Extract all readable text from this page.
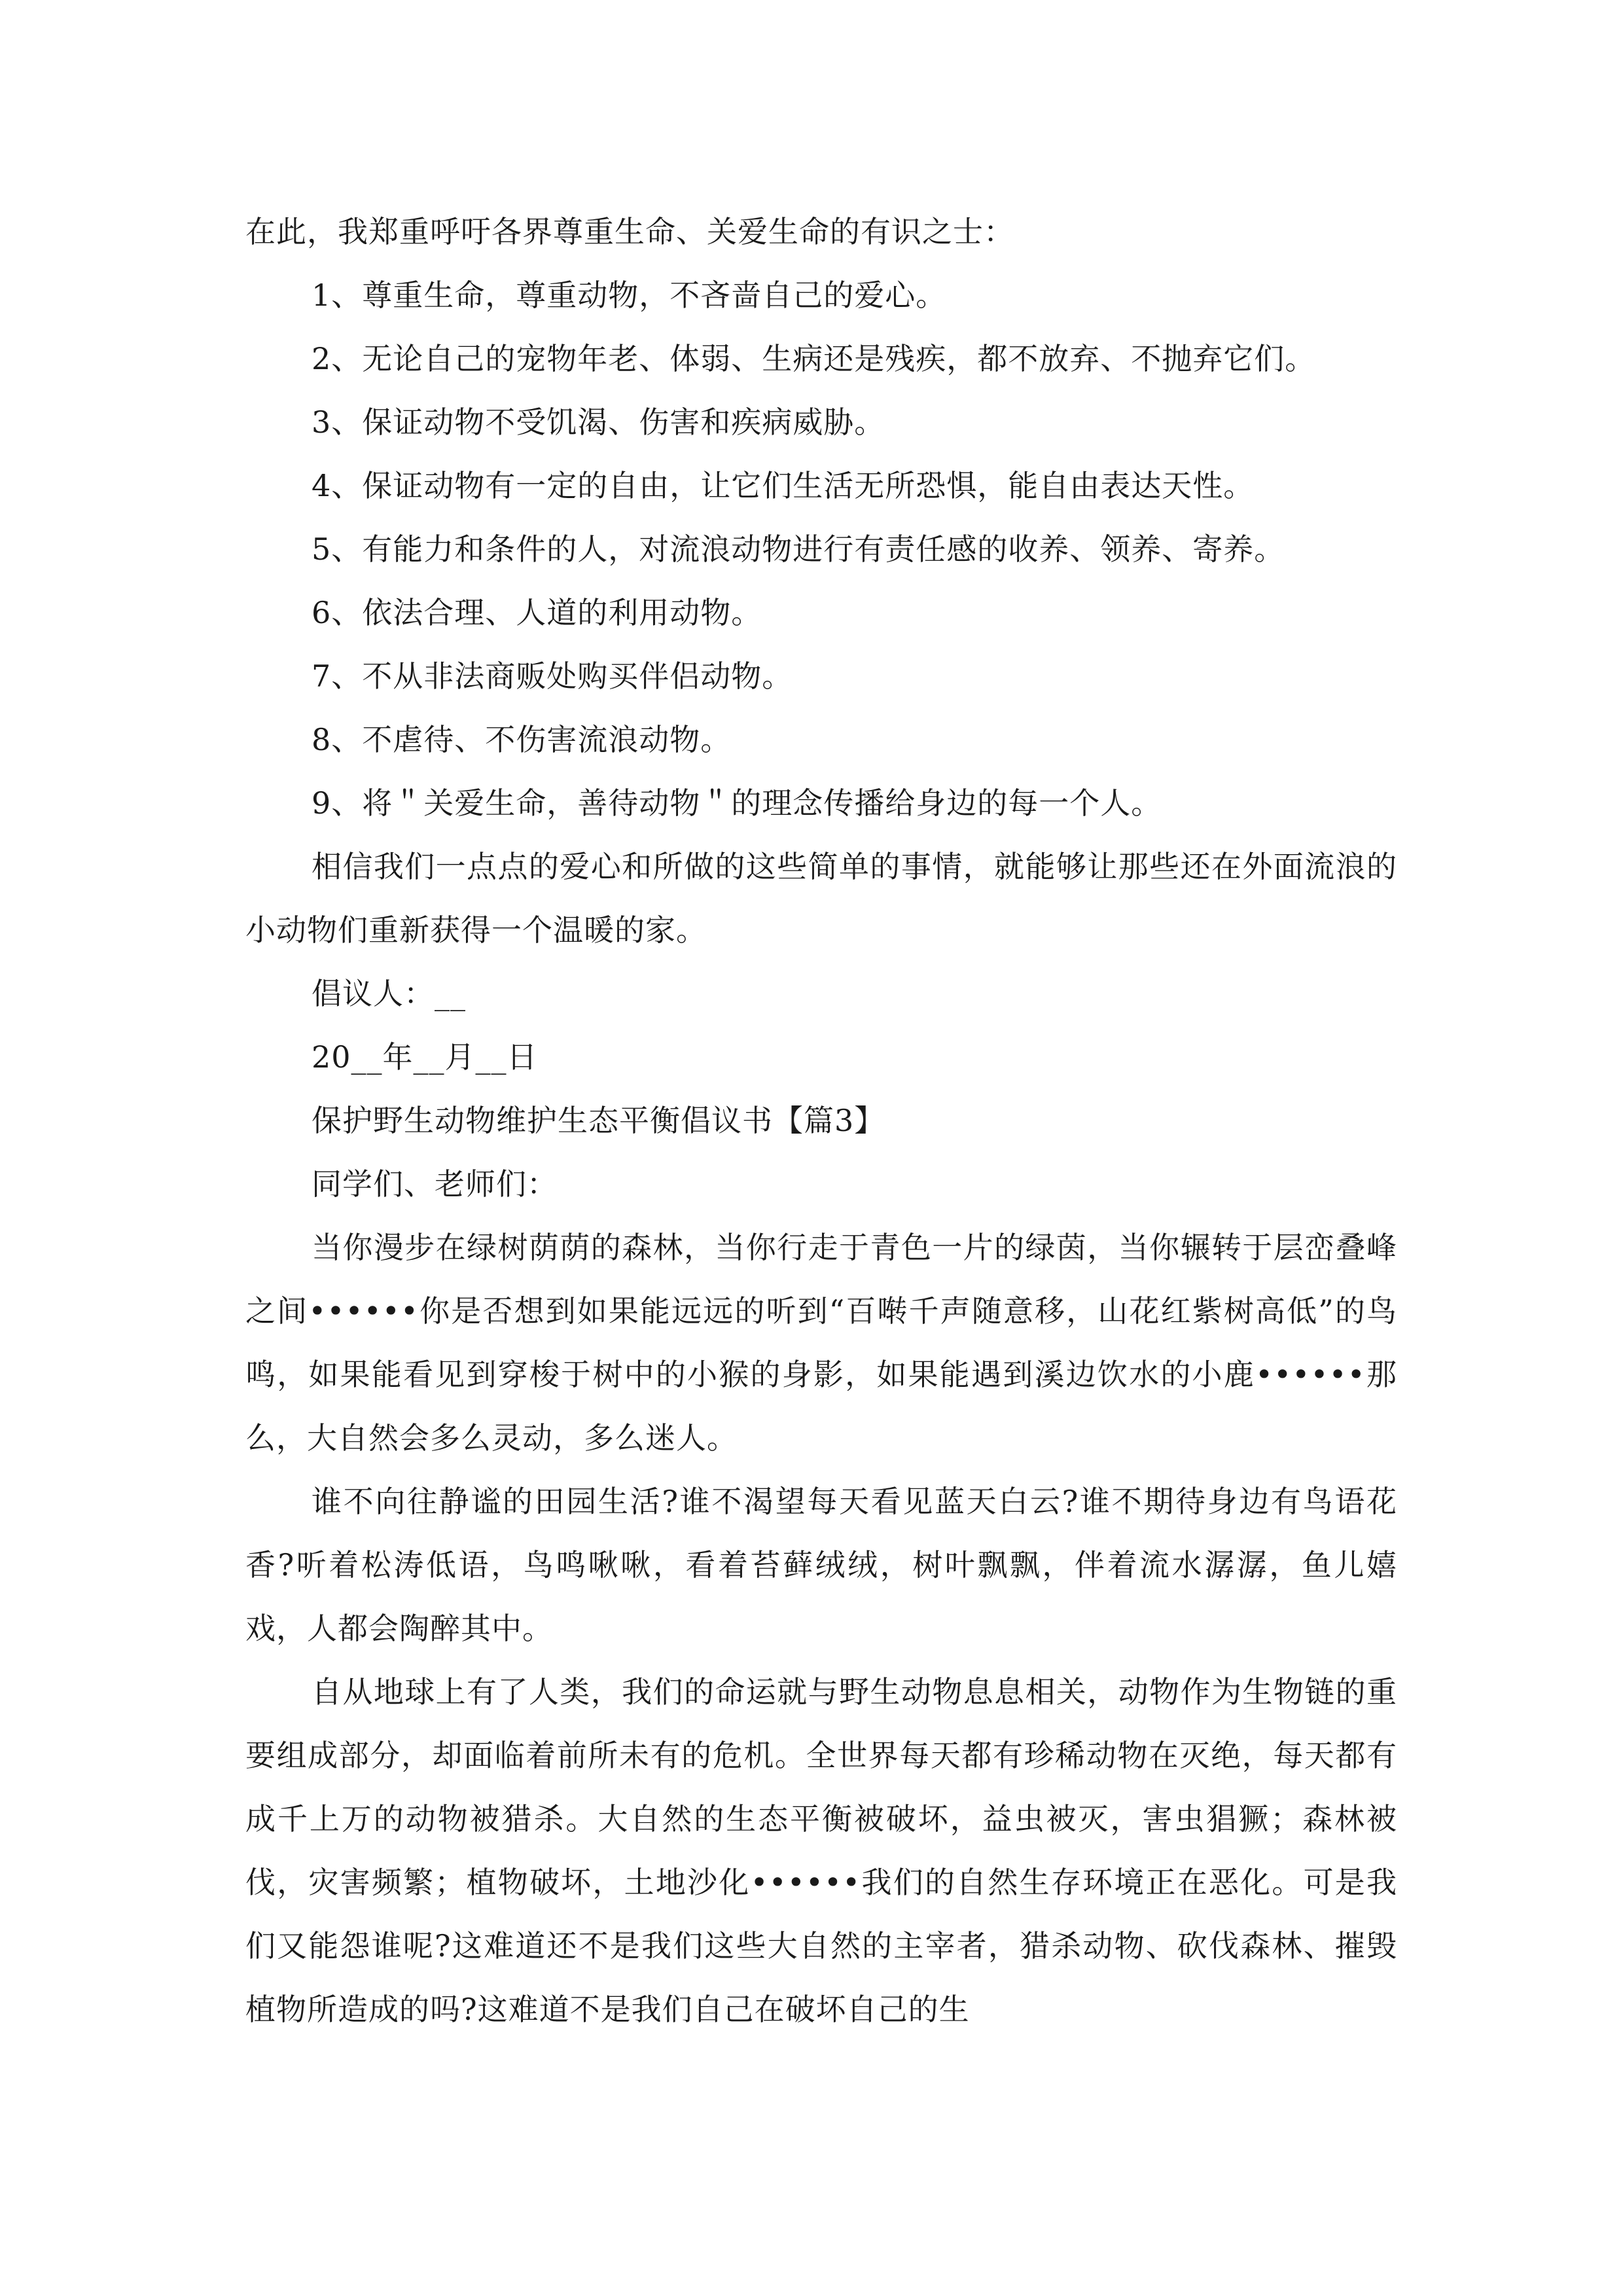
在此，我郑重呼吁各界尊重生命、关爱生命的有识之士：

1、尊重生命，尊重动物，不吝啬自己的爱心。

2、无论自己的宠物年老、体弱、生病还是残疾，都不放弃、不抛弃它们。

3、保证动物不受饥渴、伤害和疾病威胁。

4、保证动物有一定的自由，让它们生活无所恐惧，能自由表达天性。

5、有能力和条件的人，对流浪动物进行有责任感的收养、领养、寄养。

6、依法合理、人道的利用动物。

7、不从非法商贩处购买伴侣动物。

8、不虐待、不伤害流浪动物。

9、将＂关爱生命，善待动物＂的理念传播给身边的每一个人。

相信我们一点点的爱心和所做的这些简单的事情，就能够让那些还在外面流浪的小动物们重新获得一个温暖的家。

倡议人：__

20__年__月__日

保护野生动物维护生态平衡倡议书【篇3】

同学们、老师们：

当你漫步在绿树荫荫的森林，当你行走于青色一片的绿茵，当你辗转于层峦叠峰之间••••••你是否想到如果能远远的听到“百啭千声随意移，山花红紫树高低”的鸟鸣，如果能看见到穿梭于树中的小猴的身影，如果能遇到溪边饮水的小鹿••••••那么，大自然会多么灵动，多么迷人。

谁不向往静谧的田园生活?谁不渴望每天看见蓝天白云?谁不期待身边有鸟语花香?听着松涛低语，鸟鸣啾啾，看着苔藓绒绒，树叶飘飘，伴着流水潺潺，鱼儿嬉戏，人都会陶醉其中。

自从地球上有了人类，我们的命运就与野生动物息息相关，动物作为生物链的重要组成部分，却面临着前所未有的危机。全世界每天都有珍稀动物在灭绝，每天都有成千上万的动物被猎杀。大自然的生态平衡被破坏，益虫被灭，害虫猖獗；森林被伐，灾害频繁；植物破坏，土地沙化••••••我们的自然生存环境正在恶化。可是我们又能怨谁呢?这难道还不是我们这些大自然的主宰者，猎杀动物、砍伐森林、摧毁植物所造成的吗?这难道不是我们自己在破坏自己的生
